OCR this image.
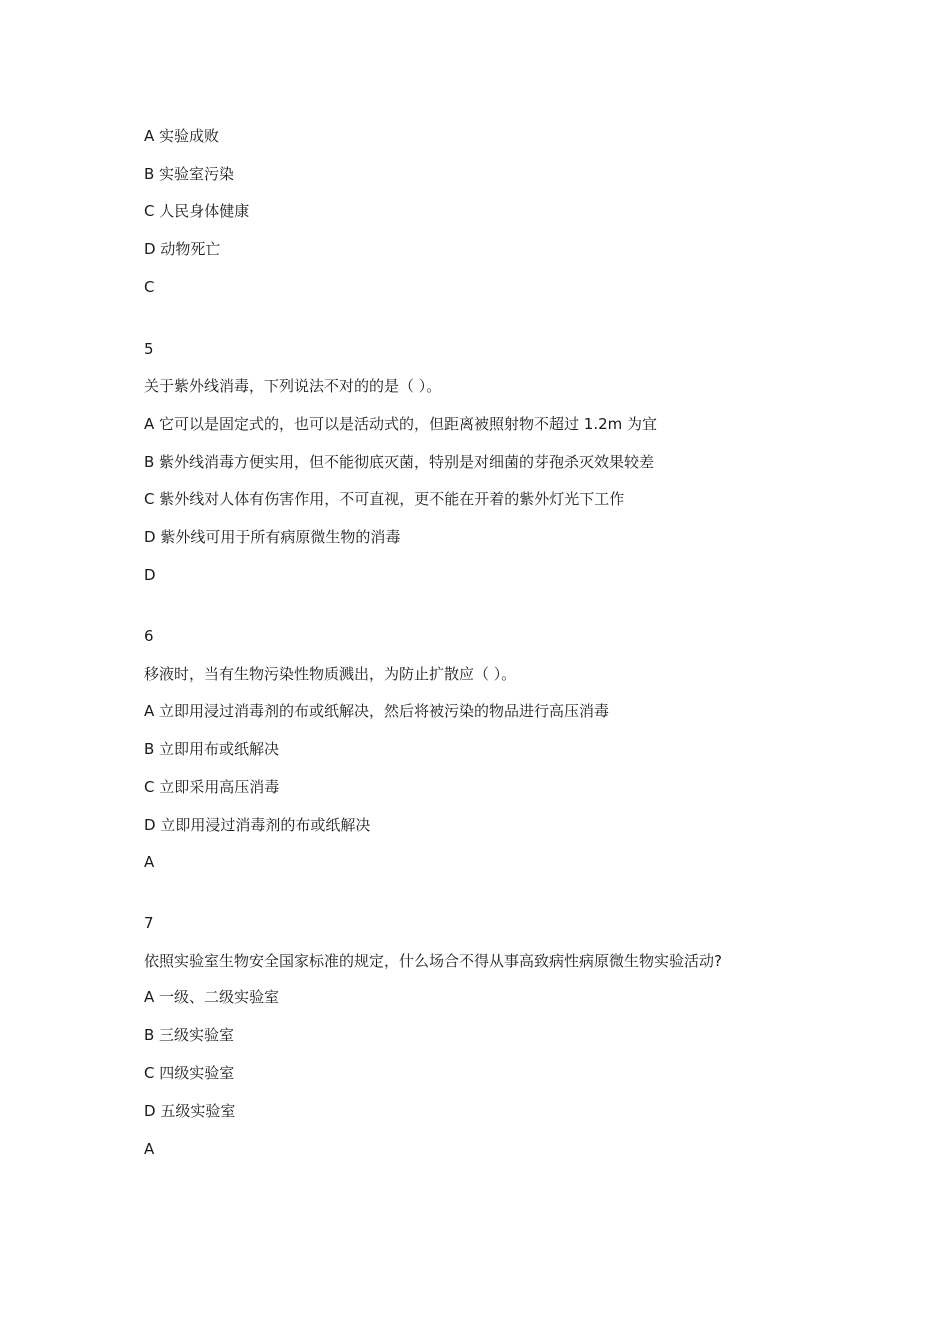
A 实验成败
B 实验室污染
C 人民身体健康
D 动物死亡
C
5
关于紫外线消毒，下列说法不对的的是（ ）。
A 它可以是固定式的，也可以是活动式的，但距离被照射物不超过 1.2m 为宜
B 紫外线消毒方便实用，但不能彻底灭菌，特别是对细菌的芽孢杀灭效果较差
C 紫外线对人体有伤害作用，不可直视，更不能在开着的紫外灯光下工作
D 紫外线可用于所有病原微生物的消毒
D
6
移液时，当有生物污染性物质溅出，为防止扩散应（ ）。
A 立即用浸过消毒剂的布或纸解决，然后将被污染的物品进行高压消毒
B 立即用布或纸解决
C 立即采用高压消毒
D 立即用浸过消毒剂的布或纸解决
A
7
依照实验室生物安全国家标准的规定，什么场合不得从事高致病性病原微生物实验活动?
A 一级、二级实验室
B 三级实验室
C 四级实验室
D 五级实验室
A
